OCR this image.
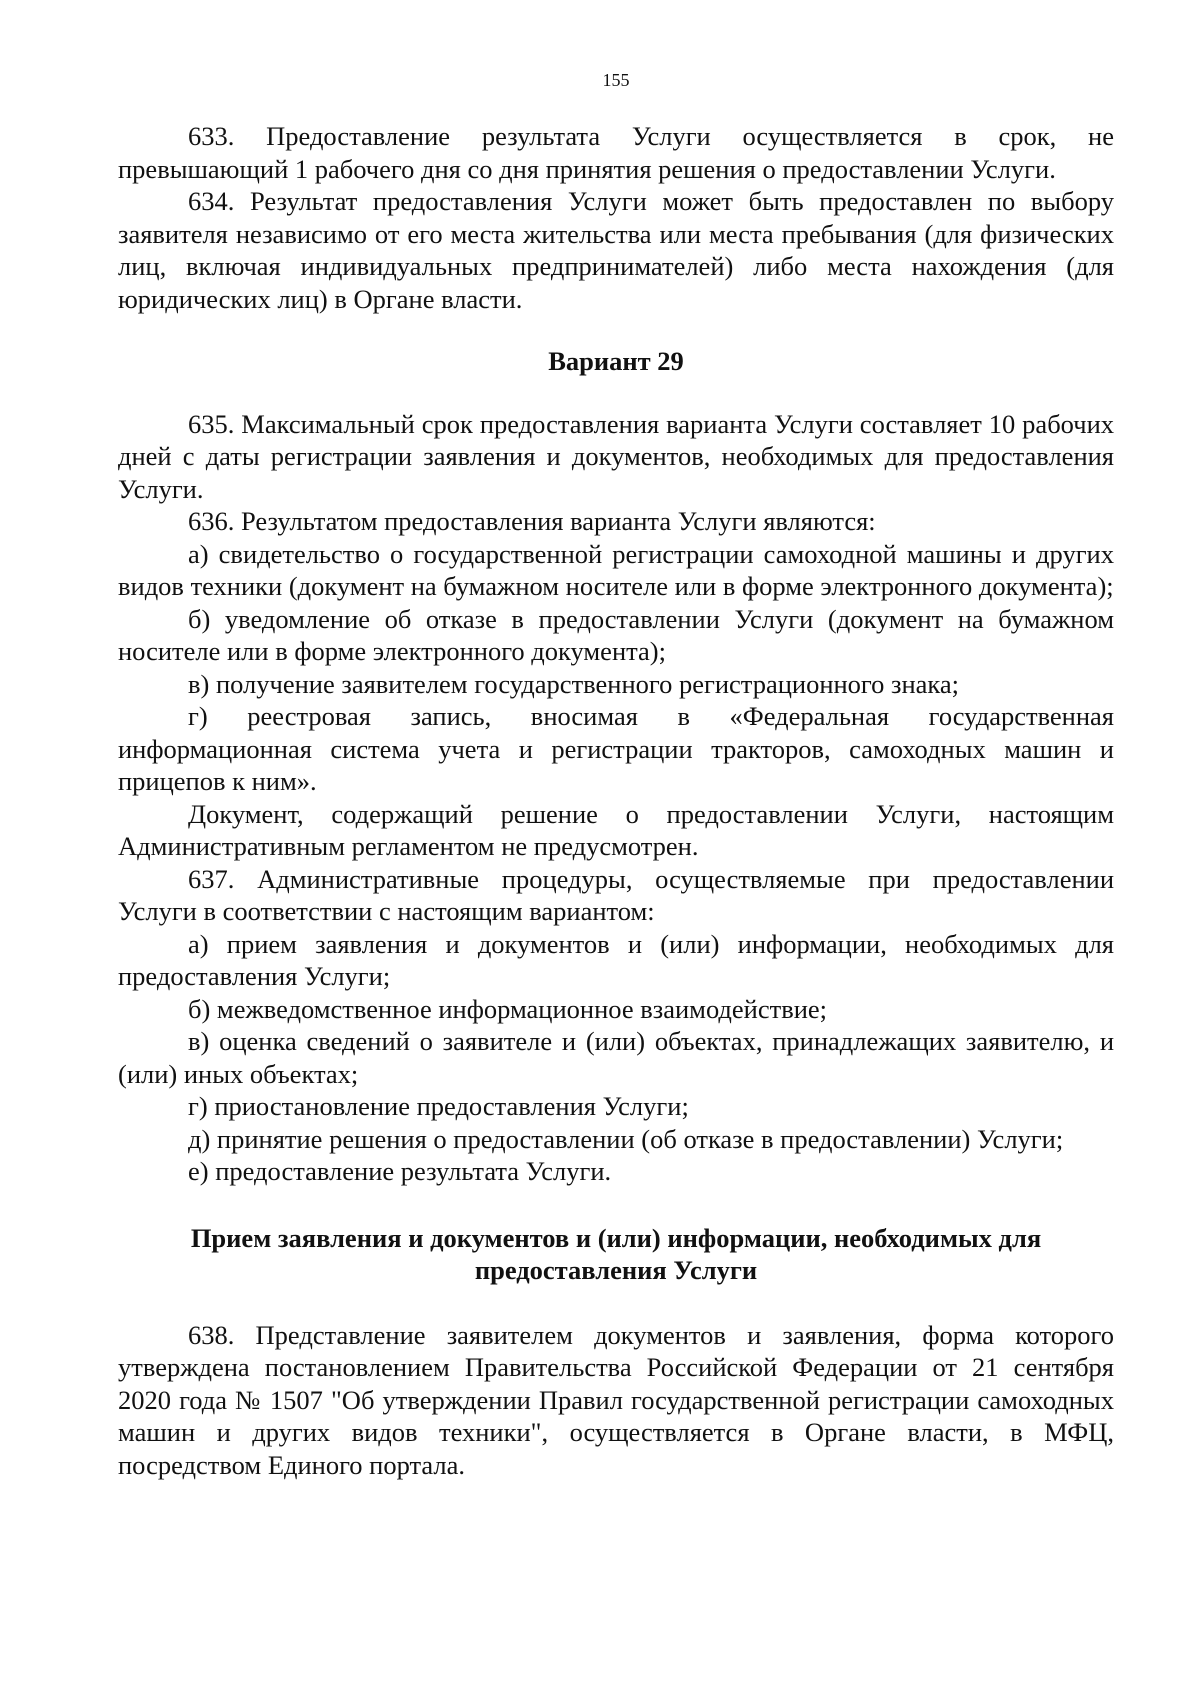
155

633. Предоставление результата Услуги осуществляется в срок, не превышающий 1 рабочего дня со дня принятия решения о предоставлении Услуги.

634. Результат предоставления Услуги может быть предоставлен по выбору заявителя независимо от его места жительства или места пребывания (для физических лиц, включая индивидуальных предпринимателей) либо места нахождения (для юридических лиц) в Органе власти.

Вариант 29

635. Максимальный срок предоставления варианта Услуги составляет 10 рабочих дней с даты регистрации заявления и документов, необходимых для предоставления Услуги.

636. Результатом предоставления варианта Услуги являются:

а) свидетельство о государственной регистрации самоходной машины и других видов техники (документ на бумажном носителе или в форме электронного документа);

б) уведомление об отказе в предоставлении Услуги (документ на бумажном носителе или в форме электронного документа);

в) получение заявителем государственного регистрационного знака;

г) реестровая запись, вносимая в «Федеральная государственная информационная система учета и регистрации тракторов, самоходных машин и прицепов к ним».

Документ, содержащий решение о предоставлении Услуги, настоящим Административным регламентом не предусмотрен.

637. Административные процедуры, осуществляемые при предоставлении Услуги в соответствии с настоящим вариантом:

а) прием заявления и документов и (или) информации, необходимых для предоставления Услуги;

б) межведомственное информационное взаимодействие;

в) оценка сведений о заявителе и (или) объектах, принадлежащих заявителю, и (или) иных объектах;

г) приостановление предоставления Услуги;

д) принятие решения о предоставлении (об отказе в предоставлении) Услуги;

е) предоставление результата Услуги.

Прием заявления и документов и (или) информации, необходимых для предоставления Услуги

638. Представление заявителем документов и заявления, форма которого утверждена постановлением Правительства Российской Федерации от 21 сентября 2020 года № 1507 "Об утверждении Правил государственной регистрации самоходных машин и других видов техники", осуществляется в Органе власти, в МФЦ, посредством Единого портала.
